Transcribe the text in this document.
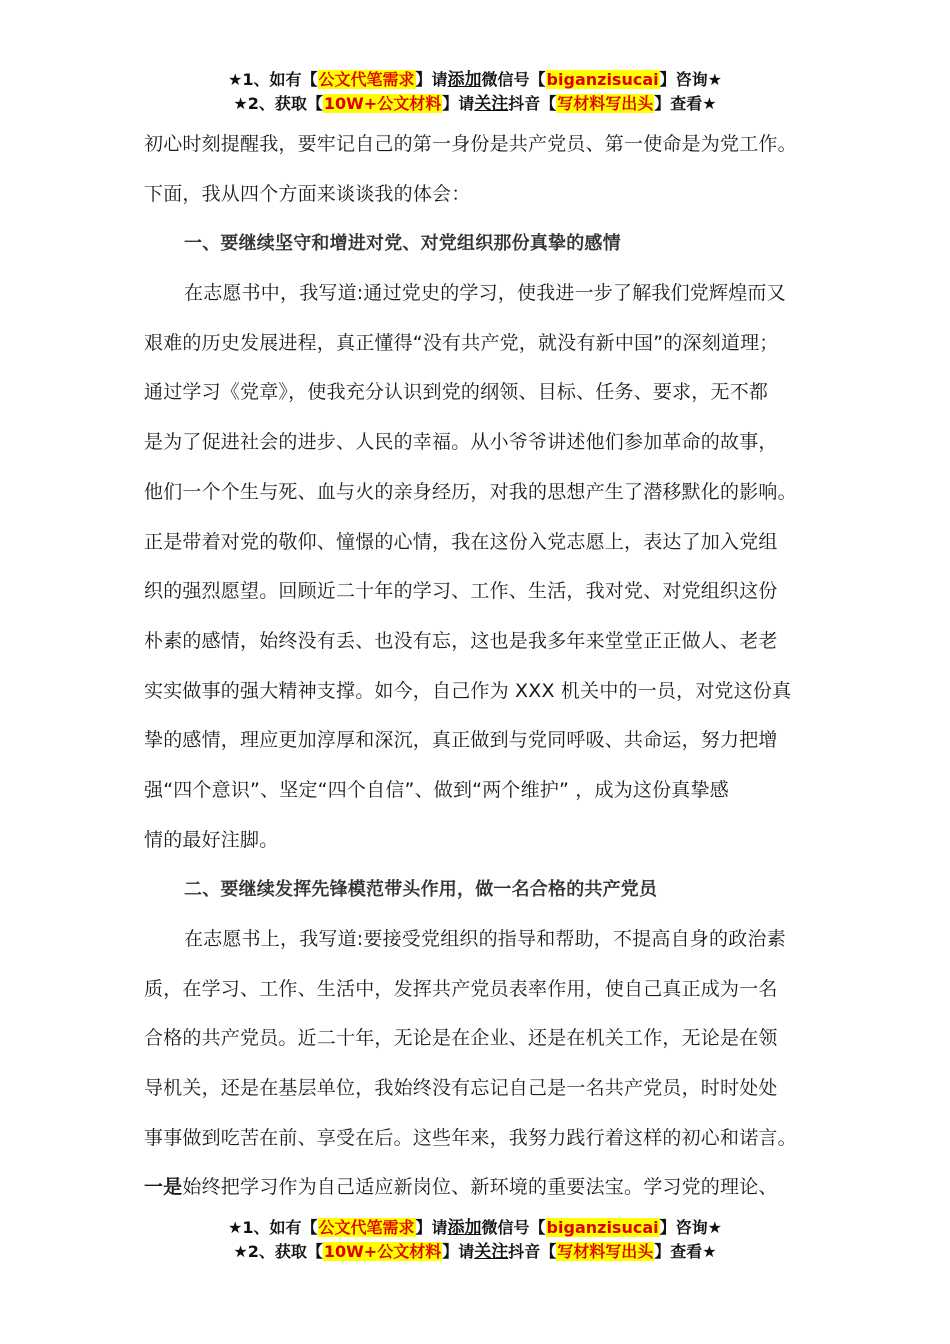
★1、如有【公文代笔需求】请添加微信号【biganzisucai】咨询★
★2、获取【10W+公文材料】请关注抖音【写材料写出头】查看★
初心时刻提醒我，要牢记自己的第一身份是共产党员、第一使命是为党工作。
下面，我从四个方面来谈谈我的体会：
一、要继续坚守和增进对党、对党组织那份真挚的感情
在志愿书中，我写道:通过党史的学习，使我进一步了解我们党辉煌而又
艰难的历史发展进程，真正懂得“没有共产党，就没有新中国”的深刻道理；
通过学习《党章》，使我充分认识到党的纲领、目标、任务、要求，无不都
是为了促进社会的进步、人民的幸福。从小爷爷讲述他们参加革命的故事，
他们一个个生与死、血与火的亲身经历，对我的思想产生了潜移默化的影响。
正是带着对党的敬仰、憧憬的心情，我在这份入党志愿上，表达了加入党组
织的强烈愿望。回顾近二十年的学习、工作、生活，我对党、对党组织这份
朴素的感情，始终没有丢、也没有忘，这也是我多年来堂堂正正做人、老老
实实做事的强大精神支撑。如今，自己作为 XXX 机关中的一员，对党这份真
挚的感情，理应更加淳厚和深沉，真正做到与党同呼吸、共命运，努力把增
强“四个意识”、坚定“四个自信”、做到“两个维护” ，成为这份真挚感
情的最好注脚。
二、要继续发挥先锋模范带头作用，做一名合格的共产党员
在志愿书上，我写道:要接受党组织的指导和帮助，不提高自身的政治素
质，在学习、工作、生活中，发挥共产党员表率作用，使自己真正成为一名
合格的共产党员。近二十年，无论是在企业、还是在机关工作，无论是在领
导机关，还是在基层单位，我始终没有忘记自己是一名共产党员，时时处处
事事做到吃苦在前、享受在后。这些年来，我努力践行着这样的初心和诺言。
一是始终把学习作为自己适应新岗位、新环境的重要法宝。学习党的理论、
★1、如有【公文代笔需求】请添加微信号【biganzisucai】咨询★
★2、获取【10W+公文材料】请关注抖音【写材料写出头】查看★
